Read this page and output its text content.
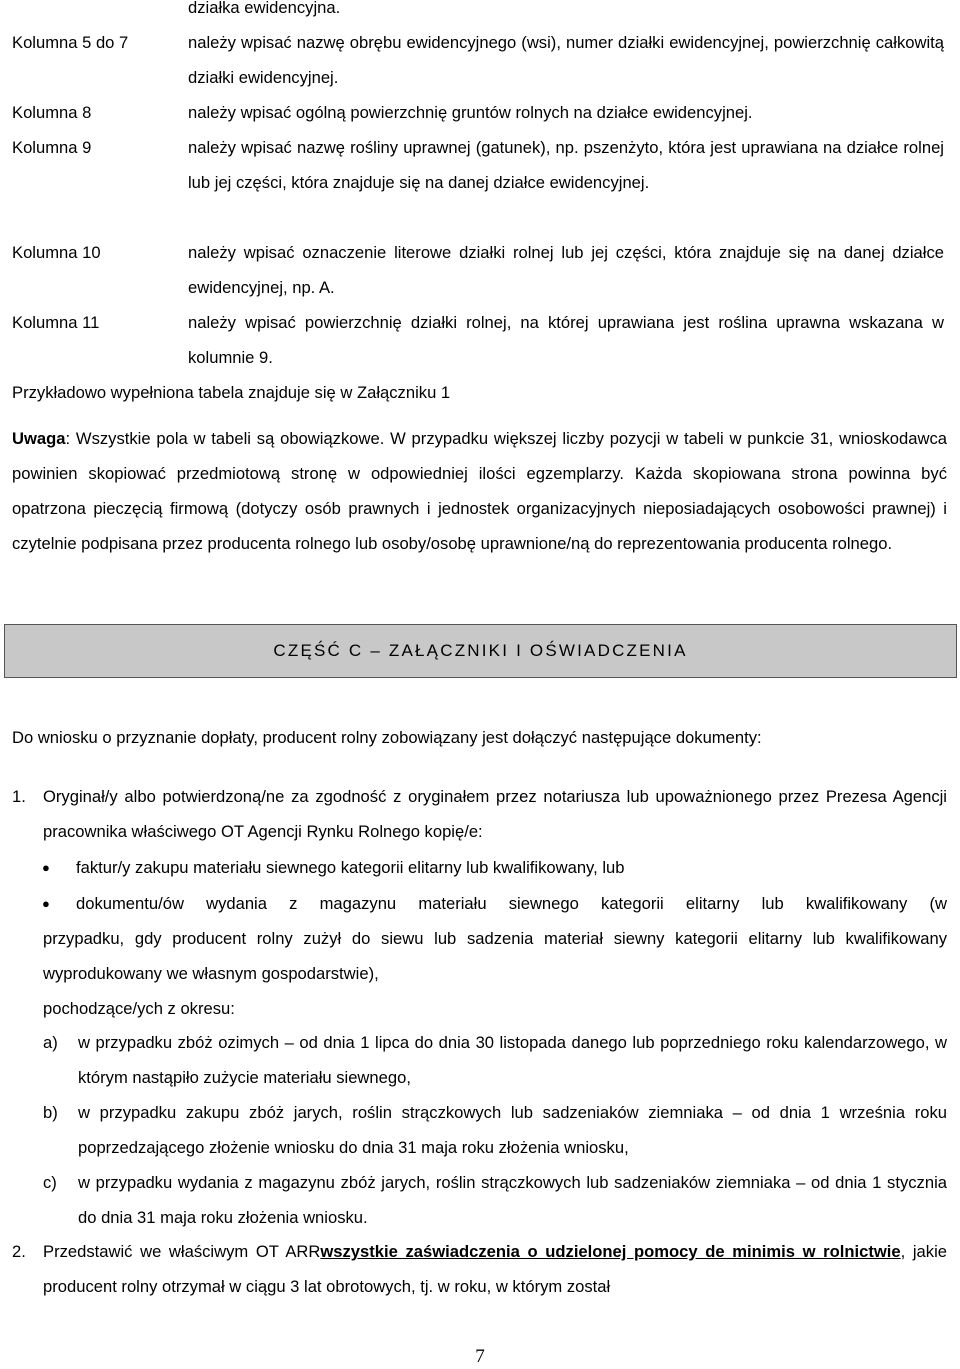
działka ewidencyjna.
Kolumna 5 do 7	należy wpisać nazwę obrębu ewidencyjnego (wsi), numer działki ewidencyjnej, powierzchnię całkowitą działki ewidencyjnej.
Kolumna 8	należy wpisać ogólną powierzchnię gruntów rolnych na działce ewidencyjnej.
Kolumna 9	należy wpisać nazwę rośliny uprawnej (gatunek), np. pszenżyto, która jest uprawiana na działce rolnej lub jej części, która znajduje się na danej działce ewidencyjnej.
Kolumna 10	należy wpisać oznaczenie literowe działki rolnej lub jej części, która znajduje się na danej działce ewidencyjnej, np. A.
Kolumna 11	należy wpisać powierzchnię działki rolnej, na której uprawiana jest roślina uprawna wskazana w kolumnie 9.
Przykładowo wypełniona tabela znajduje się w Załączniku 1
Uwaga: Wszystkie pola w tabeli są obowiązkowe. W przypadku większej liczby pozycji w tabeli w punkcie 31, wnioskodawca powinien skopiować przedmiotową stronę w odpowiedniej ilości egzemplarzy. Każda skopiowana strona powinna być opatrzona pieczęcią firmową (dotyczy osób prawnych i jednostek organizacyjnych nieposiadających osobowości prawnej) i czytelnie podpisana przez producenta rolnego lub osoby/osobę uprawnione/ną do reprezentowania producenta rolnego.
CZĘŚĆ C – ZAŁĄCZNIKI I OŚWIADCZENIA
Do wniosku o przyznanie dopłaty, producent rolny zobowiązany jest dołączyć następujące dokumenty:
1. Oryginał/y albo potwierdzoną/ne za zgodność z oryginałem przez notariusza lub upoważnionego przez Prezesa Agencji pracownika właściwego OT Agencji Rynku Rolnego kopię/e:
● faktur/y zakupu materiału siewnego kategorii elitarny lub kwalifikowany, lub
● dokumentu/ów wydania z magazynu materiału siewnego kategorii elitarny lub kwalifikowany (w
przypadku, gdy producent rolny zużył do siewu lub sadzenia materiał siewny kategorii elitarny lub kwalifikowany wyprodukowany we własnym gospodarstwie),
pochodzące/ych z okresu:
a) w przypadku zbóż ozimych – od dnia 1 lipca do dnia 30 listopada danego lub poprzedniego roku kalendarzowego, w którym nastąpiło zużycie materiału siewnego,
b) w przypadku zakupu zbóż jarych, roślin strączkowych lub sadzeniaków ziemniaka – od dnia 1 września roku poprzedzającego złożenie wniosku do dnia 31 maja roku złożenia wniosku,
c) w przypadku wydania z magazynu zbóż jarych, roślin strączkowych lub sadzeniaków ziemniaka – od dnia 1 stycznia do dnia 31 maja roku złożenia wniosku.
2. Przedstawić we właściwym OT ARRwszystkie zaświadczenia o udzielonej pomocy de minimis w rolnictwie, jakie producent rolny otrzymał w ciągu 3 lat obrotowych, tj. w roku, w którym został
7
